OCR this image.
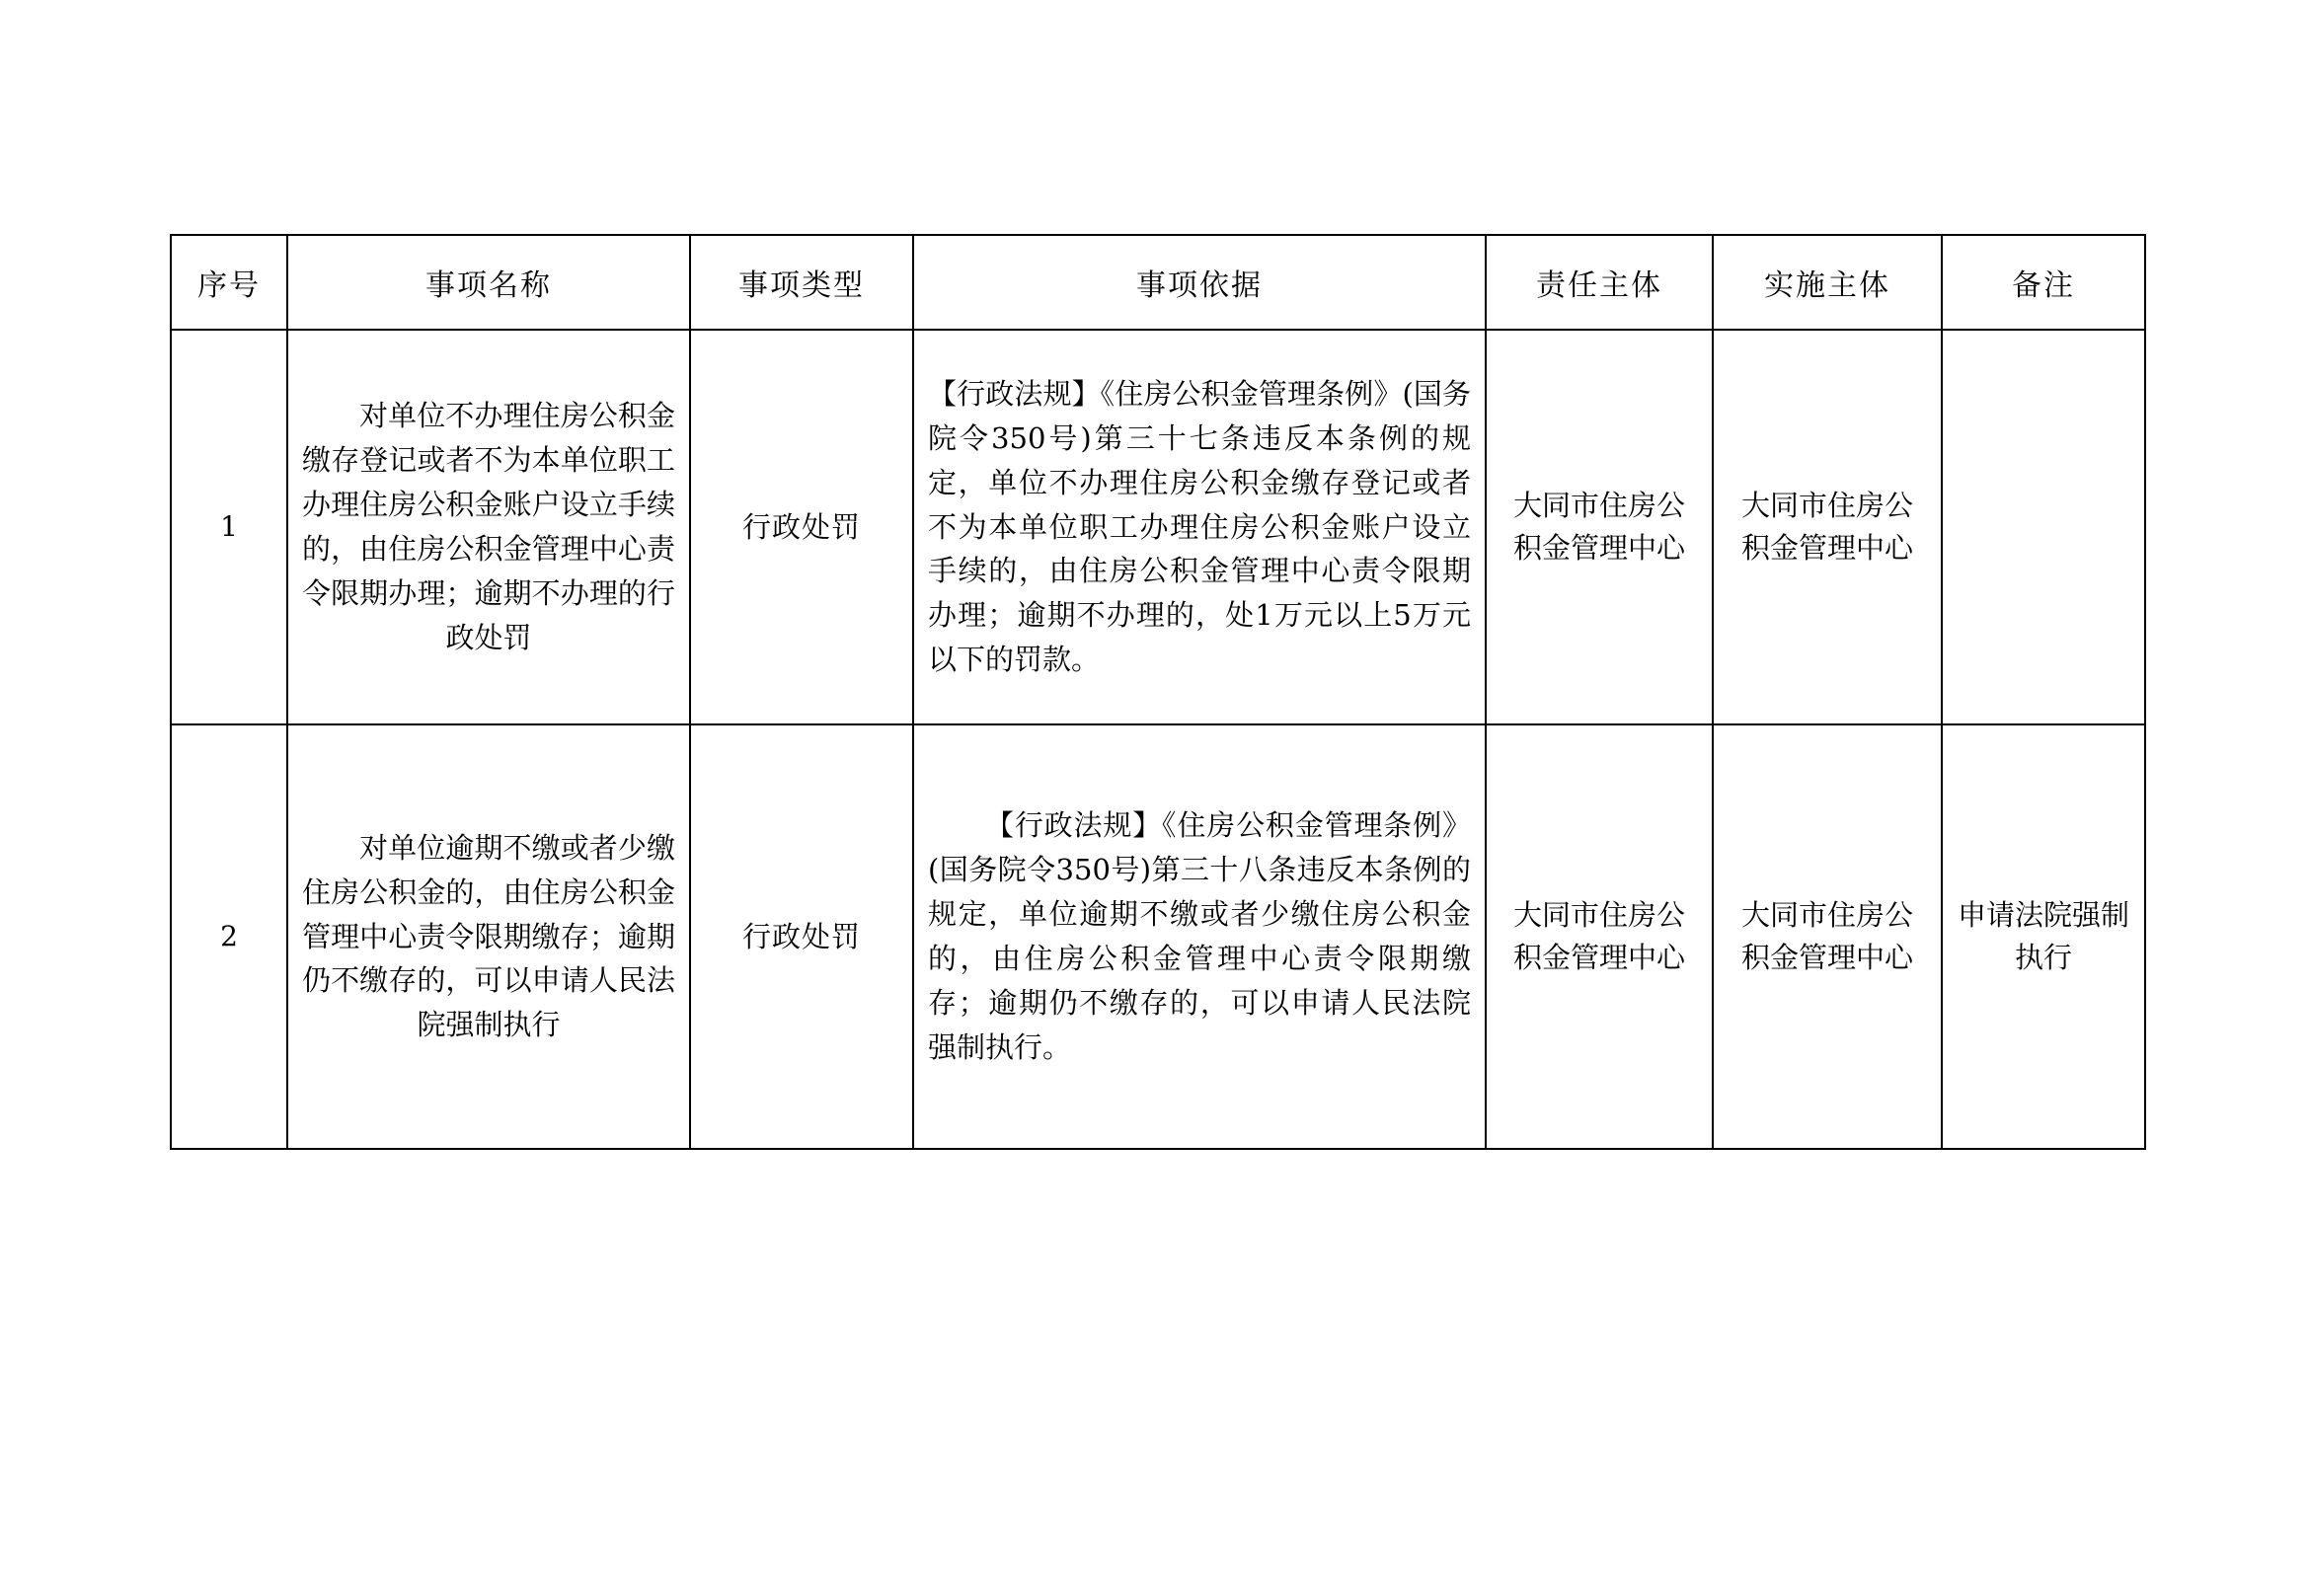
序号	事项名称	事项类型	事项依据	责任主体	实施主体	备注
1	对单位不办理住房公积金缴存登记或者不为本单位职工办理住房公积金账户设立手续的，由住房公积金管理中心责令限期办理；逾期不办理的行政处罚	行政处罚	【行政法规】《住房公积金管理条例》(国务院令350号)第三十七条违反本条例的规定，单位不办理住房公积金缴存登记或者不为本单位职工办理住房公积金账户设立手续的，由住房公积金管理中心责令限期办理；逾期不办理的，处1万元以上5万元以下的罚款。	大同市住房公积金管理中心	大同市住房公积金管理中心	
2	对单位逾期不缴或者少缴住房公积金的，由住房公积金管理中心责令限期缴存；逾期仍不缴存的，可以申请人民法院强制执行	行政处罚	【行政法规】《住房公积金管理条例》(国务院令350号)第三十八条违反本条例的规定，单位逾期不缴或者少缴住房公积金的，由住房公积金管理中心责令限期缴存；逾期仍不缴存的，可以申请人民法院强制执行。	大同市住房公积金管理中心	大同市住房公积金管理中心	申请法院强制执行
